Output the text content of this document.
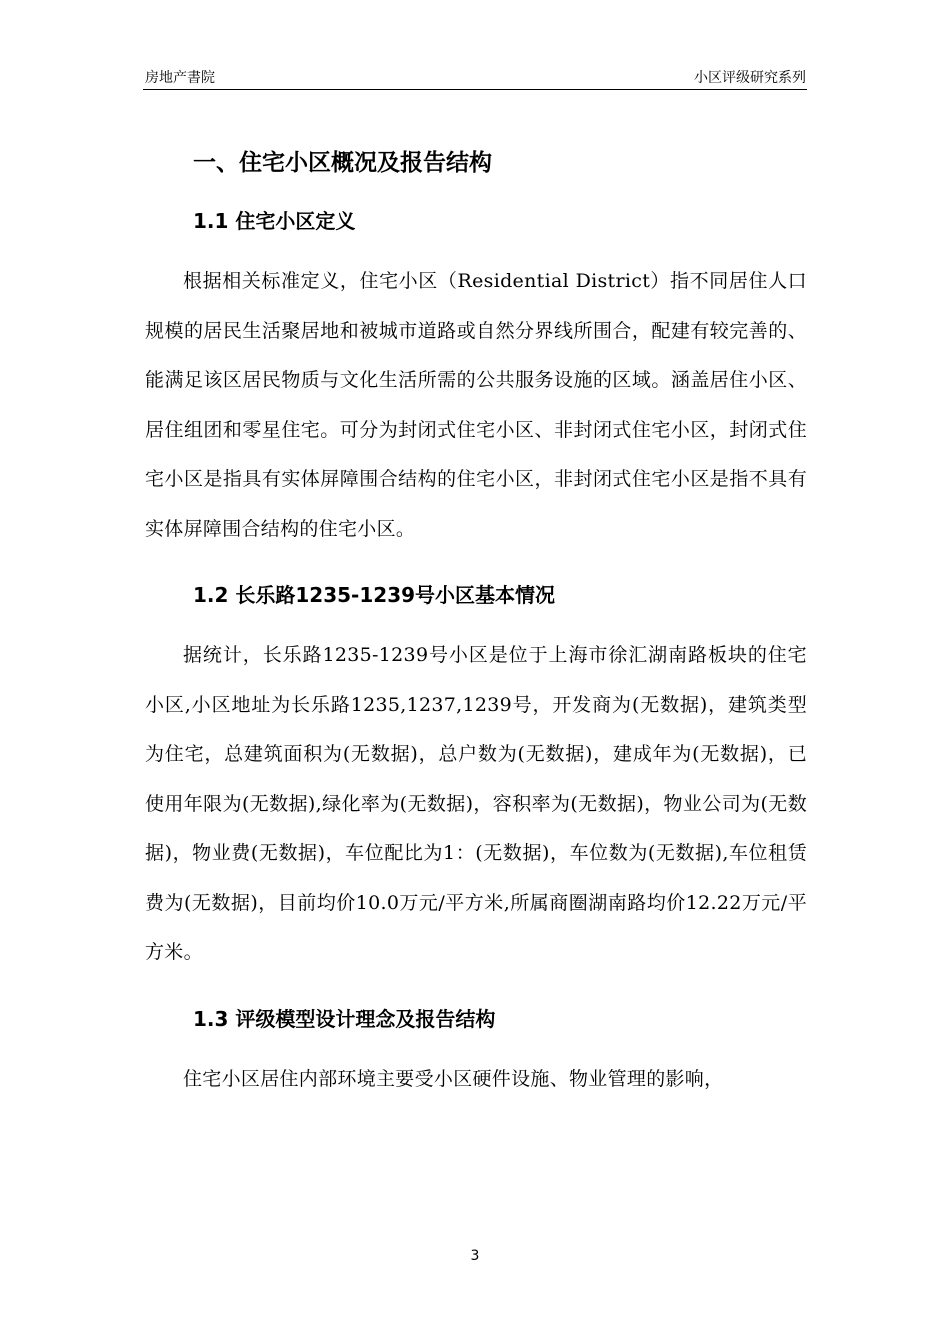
房地产書院	小区评级研究系列
一、住宅小区概况及报告结构
1.1 住宅小区定义

根据相关标准定义，住宅小区（Residential District）指不同居住人口规模的居民生活聚居地和被城市道路或自然分界线所围合，配建有较完善的、能满足该区居民物质与文化生活所需的公共服务设施的区域。涵盖居住小区、居住组团和零星住宅。可分为封闭式住宅小区、非封闭式住宅小区，封闭式住宅小区是指具有实体屏障围合结构的住宅小区，非封闭式住宅小区是指不具有实体屏障围合结构的住宅小区。

1.2 长乐路1235-1239号小区基本情况

据统计，长乐路1235-1239号小区是位于上海市徐汇湖南路板块的住宅小区,小区地址为长乐路1235,1237,1239号，开发商为(无数据)，建筑类型为住宅，总建筑面积为(无数据)，总户数为(无数据)，建成年为(无数据)，已使用年限为(无数据),绿化率为(无数据)，容积率为(无数据)，物业公司为(无数据)，物业费(无数据)，车位配比为1：(无数据)，车位数为(无数据),车位租赁费为(无数据)，目前均价10.0万元/平方米,所属商圈湖南路均价12.22万元/平方米。

1.3 评级模型设计理念及报告结构

住宅小区居住内部环境主要受小区硬件设施、物业管理的影响，

3
